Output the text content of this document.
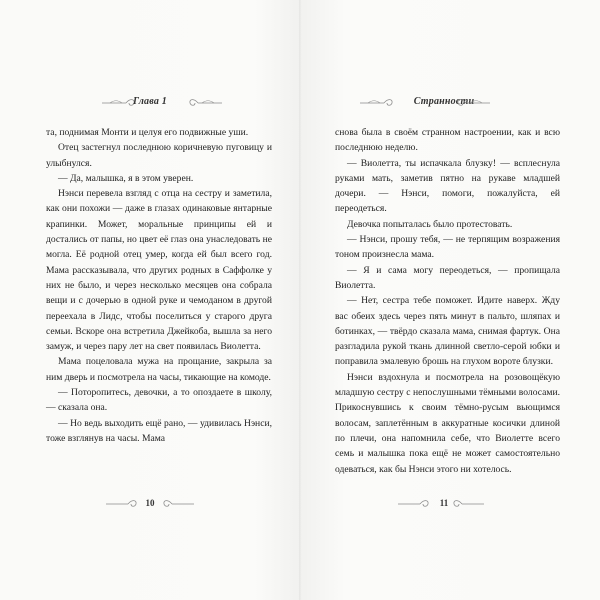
Глава 1

та, поднимая Монти и целуя его подвижные уши.

Отец застегнул последнюю коричневую пуговицу и улыбнулся.

— Да, малышка, я в этом уверен.

Нэнси перевела взгляд с отца на сестру и заметила, как они похожи — даже в глазах одинаковые янтарные крапинки. Может, моральные принципы ей и достались от папы, но цвет её глаз она унаследовать не могла. Её родной отец умер, когда ей был всего год. Мама рассказывала, что других родных в Саффолке у них не было, и через несколько месяцев она собрала вещи и с дочерью в одной руке и чемоданом в другой переехала в Лидс, чтобы поселиться у старого друга семьи. Вскоре она встретила Джейкоба, вышла за него замуж, и через пару лет на свет появилась Виолетта.

Мама поцеловала мужа на прощание, закрыла за ним дверь и посмотрела на часы, тикающие на комоде.

— Поторопитесь, девочки, а то опоздаете в школу, — сказала она.

— Но ведь выходить ещё рано, — удивилась Нэнси, тоже взглянув на часы. Мама

10
Странности
11

снова была в своём странном настроении, как и всю последнюю неделю.

— Виолетта, ты испачкала блузку! — всплеснула руками мать, заметив пятно на рукаве младшей дочери. — Нэнси, помоги, пожалуйста, ей переодеться.

Девочка попыталась было протестовать.

— Нэнси, прошу тебя, — не терпящим возражения тоном произнесла мама.

— Я и сама могу переодеться, — пропищала Виолетта.

— Нет, сестра тебе поможет. Идите наверх. Жду вас обеих здесь через пять минут в пальто, шляпах и ботинках, — твёрдо сказала мама, снимая фартук. Она разгладила рукой ткань длинной светло-серой юбки и поправила эмалевую брошь на глухом вороте блузки.

Нэнси вздохнула и посмотрела на розовощёкую младшую сестру с непослушными тёмными волосами. Прикоснувшись к своим тёмно-русым вьющимся волосам, заплетённым в аккуратные косички длиной по плечи, она напомнила себе, что Виолетте всего семь и малышка пока ещё не может самостоятельно одеваться, как бы Нэнси этого ни хотелось.
